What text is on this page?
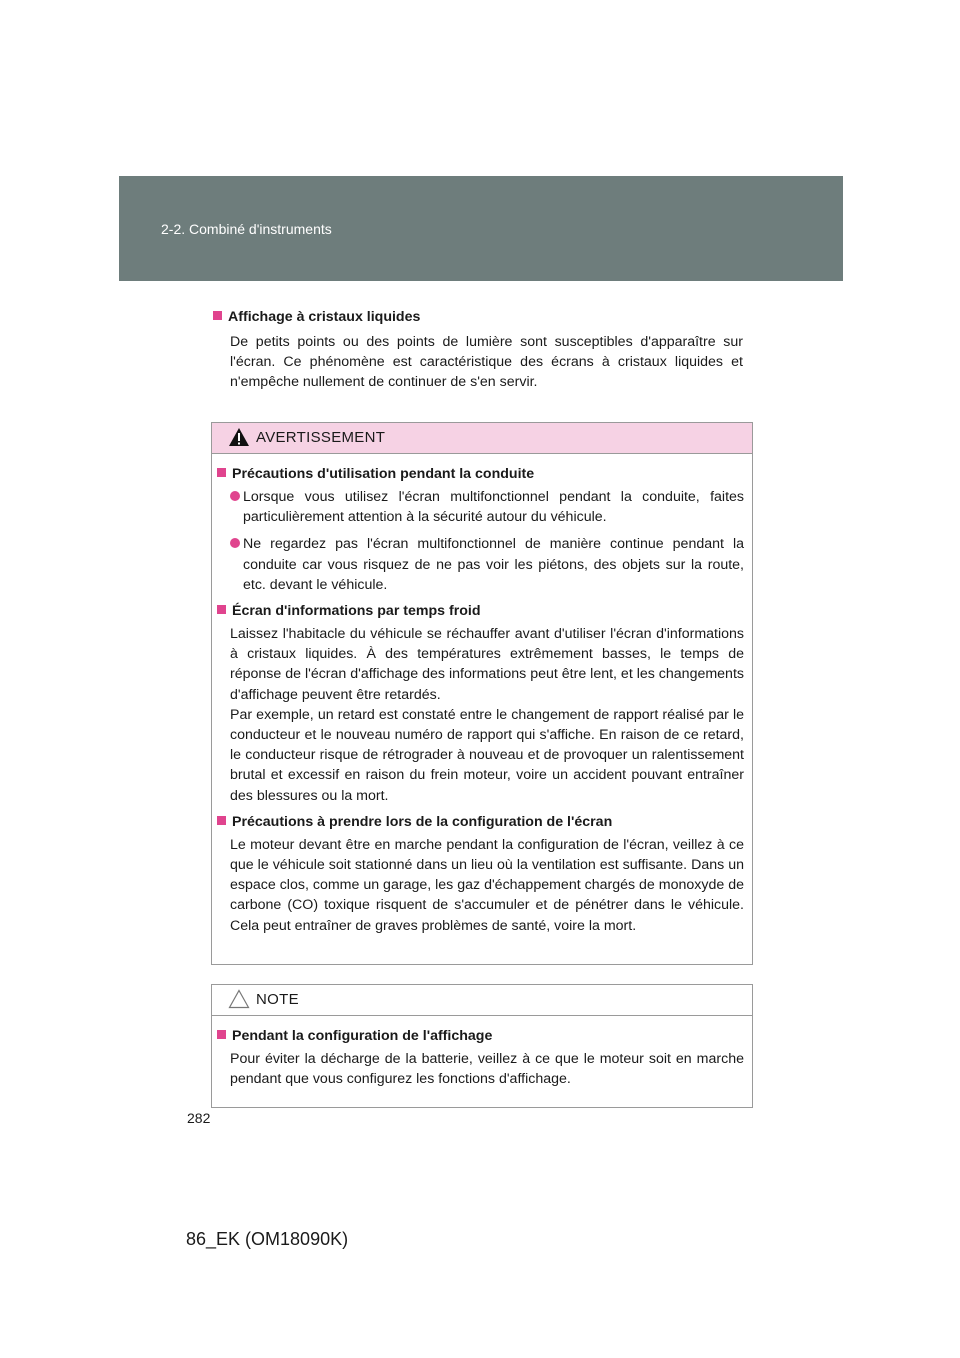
2-2. Combiné d'instruments
Affichage à cristaux liquides
De petits points ou des points de lumière sont susceptibles d'apparaître sur l'écran. Ce phénomène est caractéristique des écrans à cristaux liquides et n'empêche nullement de continuer de s'en servir.
AVERTISSEMENT
Précautions d'utilisation pendant la conduite
Lorsque vous utilisez l'écran multifonctionnel pendant la conduite, faites particulièrement attention à la sécurité autour du véhicule.
Ne regardez pas l'écran multifonctionnel de manière continue pendant la conduite car vous risquez de ne pas voir les piétons, des objets sur la route, etc. devant le véhicule.
Écran d'informations par temps froid
Laissez l'habitacle du véhicule se réchauffer avant d'utiliser l'écran d'informations à cristaux liquides. À des températures extrêmement basses, le temps de réponse de l'écran d'affichage des informations peut être lent, et les changements d'affichage peuvent être retardés.
Par exemple, un retard est constaté entre le changement de rapport réalisé par le conducteur et le nouveau numéro de rapport qui s'affiche. En raison de ce retard, le conducteur risque de rétrograder à nouveau et de provoquer un ralentissement brutal et excessif en raison du frein moteur, voire un accident pouvant entraîner des blessures ou la mort.
Précautions à prendre lors de la configuration de l'écran
Le moteur devant être en marche pendant la configuration de l'écran, veillez à ce que le véhicule soit stationné dans un lieu où la ventilation est suffisante. Dans un espace clos, comme un garage, les gaz d'échappement chargés de monoxyde de carbone (CO) toxique risquent de s'accumuler et de pénétrer dans le véhicule. Cela peut entraîner de graves problèmes de santé, voire la mort.
NOTE
Pendant la configuration de l'affichage
Pour éviter la décharge de la batterie, veillez à ce que le moteur soit en marche pendant que vous configurez les fonctions d'affichage.
282
86_EK (OM18090K)
